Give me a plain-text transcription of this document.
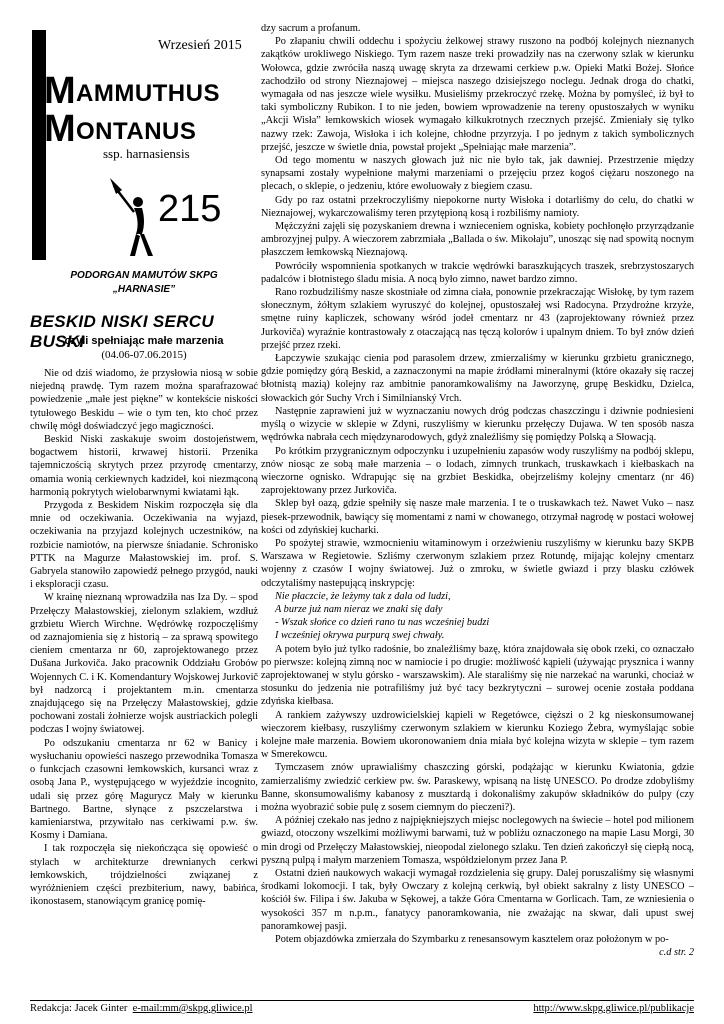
Wrzesień 2015
M AMMUTHUS
M ONTANUS
ssp. harnasiensis
215
PODORGAN MAMUTÓW SKPG
„HARNASIE”
BESKID NISKI SERCU BUSKI
czyli spełniając małe marzenia
(04.06-07.06.2015)

Nie od dziś wiadomo, że przysłowia niosą w sobie niejedną prawdę. Tym razem można sparafrazować powiedzenie „małe jest piękne” w kontekście niskości tytułowego Beskidu – wie o tym ten, kto choć przez chwilę mógł doświadczyć jego magiczności.

Beskid Niski zaskakuje swoim dostojeństwem, bogactwem historii, krwawej historii. Przenika tajemniczością skrytych przez przyrodę cmentarzy, omamia wonią cerkiewnych kadzideł, koi niezmąconą harmonią pokrytych wielobarwnymi kwiatami łąk.

Przygoda z Beskidem Niskim rozpoczęła się dla mnie od oczekiwania. Oczekiwania na wyjazd, oczekiwania na przyjazd kolejnych uczestników, na rozbicie namiotów, na pierwsze śniadanie. Schronisko PTTK na Magurze Małastowskiej im. prof. S. Gabryela stanowiło zapowiedź pełnego przygód, nauki i eksploracji czasu.

W krainę nieznaną wprowadziła nas Iza Dy. – spod Przełęczy Małastowskiej, zielonym szlakiem, wzdłuż grzbietu Wierch Wirchne. Wędrówkę rozpoczęliśmy od zaznajomienia się z historią – za sprawą spowitego cieniem cmentarza nr 60, zaprojektowanego przez Dušana Jurkoviča. Jako pracownik Oddziału Grobów Wojennych C. i K. Komendantury Wojskowej Jurkovič był nadzorcą i projektantem m.in. cmentarza znajdującego się na Przełęczy Małastowskiej, gdzie pochowani zostali żołnierze wojsk austriackich polegli podczas I wojny światowej.

Po odszukaniu cmentarza nr 62 w Banicy i wysłuchaniu opowieści naszego przewodnika Tomasza o funkcjach czasowni łemkowskich, kursanci wraz z osobą Jana P., występującego w wyjeździe incognito, udali się przez górę Magurycz Mały w kierunku Bartnego. Bartne, słynące z pszczelarstwa i kamieniarstwa, przywitało nas cerkiwami p.w. św. Kosmy i Damiana.

I tak rozpoczęła się niekończąca się opowieść o stylach w architekturze drewnianych cerkwi łemkowskich, trójdzielności związanej z wyróżnieniem części prezbiterium, nawy, babińca, ikonostasem, stanowiącym granicę pomię-

dzy sacrum a profanum.

Po złapaniu chwili oddechu i spożyciu żelkowej strawy ruszono na podbój kolejnych nieznanych zakątków urokliwego Niskiego. Tym razem nasze treki prowadziły nas na czerwony szlak w kierunku Wołowca, gdzie zwróciła naszą uwagę skryta za drzewami cerkiew p.w. Opieki Matki Bożej. Słońce zachodziło od strony Nieznajowej – miejsca naszego dzisiejszego noclegu. Jednak droga do chatki, wymagała od nas jeszcze wiele wysiłku. Musieliśmy przekroczyć rzekę. Można by pomyśleć, iż był to taki symboliczny Rubikon. I to nie jeden, bowiem wprowadzenie na tereny opustoszałych w wyniku „Akcji Wisła” łemkowskich wiosek wymagało kilkukrotnych rzecznych przejść. Zmieniały się tylko nazwy rzek: Zawoja, Wisłoka i ich kolejne, chłodne przyrzyja. I po jednym z takich symbolicznych przejść, jeszcze w świetle dnia, powstał projekt „Spełniając małe marzenia”.

Od tego momentu w naszych głowach już nic nie było tak, jak dawniej. Przestrzenie między synapsami zostały wypełnione małymi marzeniami o przejęciu przez kogoś ciężaru noszonego na plecach, o sklepie, o jedzeniu, które ewoluowały z biegiem czasu.

Gdy po raz ostatni przekroczyliśmy niepokorne nurty Wisłoka i dotarliśmy do celu, do chatki w Nieznajowej, wykarczowaliśmy teren przytępioną kosą i rozbiliśmy namioty.

Mężczyźni zajęli się pozyskaniem drewna i wznieceniem ogniska, kobiety pochłonęło przyrządzanie ambrozyjnej pulpy. A wieczorem zabrzmiała „Ballada o św. Mikołaju”, unosząc się nad spowitą nocnym płaszczem łemkowską Nieznajową.

Powróciły wspomnienia spotkanych w trakcie wędrówki baraszkujących traszek, srebrzystoszarych padalców i błotnistego śladu misia. A nocą było zimno, nawet bardzo zimno.

Rano rozbudziliśmy nasze skostniałe od zimna ciała, ponownie przekraczając Wisłokę, by tym razem słonecznym, żółtym szlakiem wyruszyć do kolejnej, opustoszałej wsi Radocyna. Przydrożne krzyże, smętne ruiny kapliczek, schowany wśród jodeł cmentarz nr 43 (zaprojektowany również przez Jurkoviča) wyraźnie kontrastowały z otaczającą nas tęczą kolorów i upalnym dniem. To był znów dzień przejść przez rzeki.

Łapczywie szukając cienia pod parasolem drzew, zmierzaliśmy w kierunku grzbietu granicznego, gdzie pomiędzy górą Beskid, a zaznaczonymi na mapie źródłami mineralnymi (które okazały się raczej błotnistą mazią) kolejny raz ambitnie panoramkowaliśmy na Jaworzynę, grupę Beskidku, Dzielca, słowackich gór Suchy Vrch i Similnianský Vrch.

Następnie zaprawieni już w wyznaczaniu nowych dróg podczas chaszczingu i dziwnie podniesieni myślą o wizycie w sklepie w Zdyni, ruszyliśmy w kierunku przełęczy Dujawa. W ten sposób nasza wędrówka nabrała cech międzynarodowych, gdyż znaleźliśmy się pomiędzy Polską a Słowacją.

Po krótkim przygranicznym odpoczynku i uzupełnieniu zapasów wody ruszyliśmy na podbój sklepu, znów niosąc ze sobą małe marzenia – o lodach, zimnych trunkach, truskawkach i kiełbaskach na wieczorne ognisko. Wdrapując się na grzbiet Beskidka, obejrzeliśmy kolejny cmentarz (nr 46) zaprojektowany przez Jurkoviča.

Sklep był oazą, gdzie spełniły się nasze małe marzenia. I te o truskawkach też. Nawet Vuko – nasz piesek-przewodnik, bawiący się momentami z nami w chowanego, otrzymał nagrodę w postaci wołowej kości od zdyńskiej kucharki.

Po spożytej strawie, wzmocnieniu witaminowym i orzeźwieniu ruszyliśmy w kierunku bazy SKPB Warszawa w Regietowie. Szliśmy czerwonym szlakiem przez Rotundę, mijając kolejny cmentarz wojenny z czasów I wojny światowej. Już o zmroku, w świetle gwiazd i przy blasku człówek odczytaliśmy nastepującą inskrypcję:

Nie płaczcie, że leżymy tak z dala od ludzi,
A burze już nam nieraz we znaki się dały
- Wszak słońce co dzień rano tu nas wcześniej budzi
I wcześniej okrywa purpurą swej chwały.

A potem było już tylko radośnie, bo znaleźliśmy bazę, która znajdowała się obok rzeki, co oznaczało po pierwsze: kolejną zimną noc w namiocie i po drugie: możliwość kąpieli (używając prysznica i wanny zaprojektowanej w stylu górsko - warszawskim). Ale staraliśmy się nie narzekać na warunki, chociaż w stosunku do jedzenia nie potrafiliśmy już być tacy bezkrytyczni – surowej ocenie została poddana zdyńska kiełbasa.

A rankiem zażywszy uzdrowicielskiej kąpieli w Regetówce, cięższi o 2 kg nieskonsumowanej wieczorem kiełbasy, ruszyliśmy czerwonym szlakiem w kierunku Koziego Żebra, wymyślając sobie kolejne małe marzenia. Bowiem ukoronowaniem dnia miała być kolejna wizyta w sklepie – tym razem w Smerekowcu.

Tymczasem znów uprawialiśmy chaszczing górski, podążając w kierunku Kwiatonia, gdzie zamierzaliśmy zwiedzić cerkiew pw. św. Paraskewy, wpisaną na listę UNESCO. Po drodze zdobyliśmy Banne, skonsumowaliśmy kabanosy z musztardą i dokonaliśmy zakupów składników do pulpy (czy można wyobrazić sobie pulę z sosem ciemnym do pieczeni?).

A później czekało nas jedno z najpiękniejszych miejsc noclegowych na świecie – hotel pod milionem gwiazd, otoczony wszelkimi możliwymi barwami, tuż w pobliżu oznaczonego na mapie Lasu Morgi, 30 min drogi od Przełęczy Małastowskiej, nieopodal zielonego szlaku. Ten dzień zakończył się ciepłą nocą, pyszną pulpą i małym marzeniem Tomasza, współdzielonym przez Jana P.

Ostatni dzień naukowych wakacji wymagał rozdzielenia się grupy. Dalej poruszaliśmy się własnymi środkami lokomocji. I tak, były Owczary z kolejną cerkwią, był obiekt sakralny z listy UNESCO – kościół św. Filipa i św. Jakuba w Sękowej, a także Góra Cmentarna w Gorlicach. Tam, ze wzniesienia o wysokości 357 m n.p.m., fanatycy panoramkowania, nie zważając na skwar, dali upust swej panoramkowej pasji.

Potem objazdówka zmierzała do Szymbarku z renesansowym kasztelem oraz położonym w po-

c.d str. 2

Redakcja: Jacek Ginter e-mail:mm@skpg.gliwice.pl	http://www.skpg.gliwice.pl/publikacje
